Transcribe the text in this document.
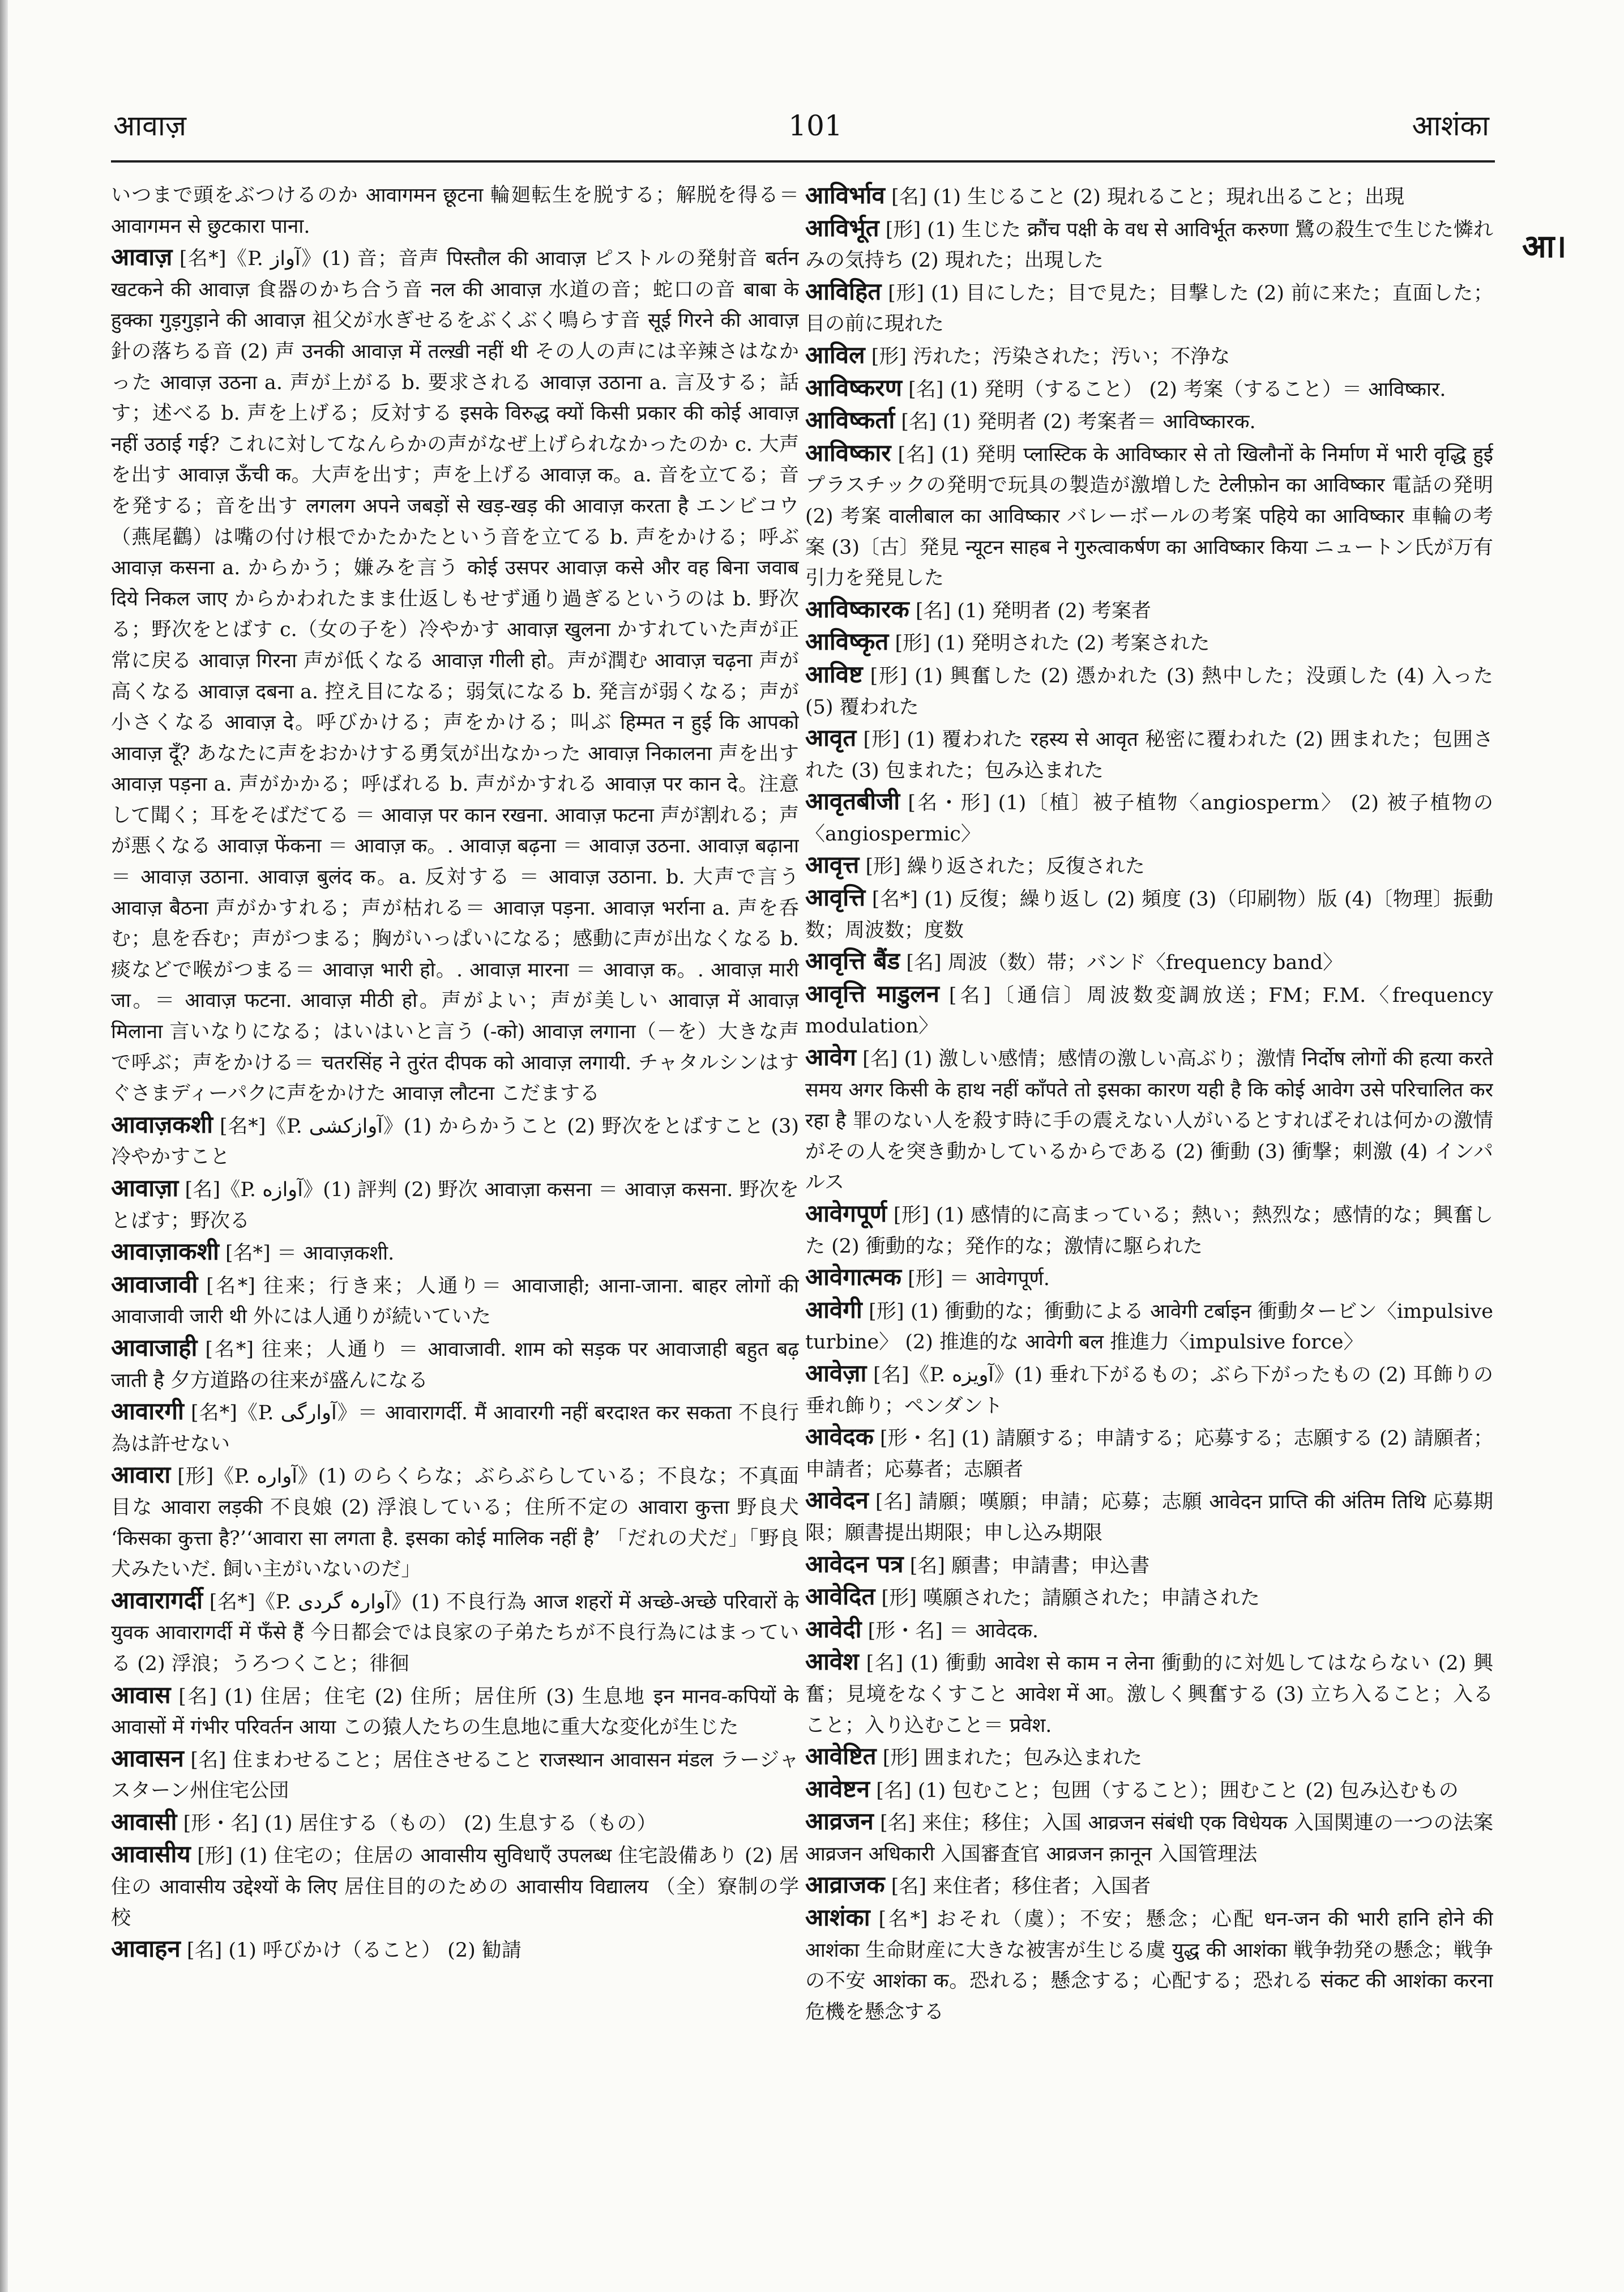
आवाज़	101	आशंका
आ।

いつまで頭をぶつけるのか आवागमन छूटना 輪廻転生を脱する；解脱を得る＝ आवागमन से छुटकारा पाना.

आवाज़ [名*]《P. آواز》(1) 音；音声 पिस्तौल की आवाज़ ピストルの発射音 बर्तन खटकने की आवाज़ 食器のかち合う音 नल की आवाज़ 水道の音；蛇口の音 बाबा के हुक्का गुड़गुड़ाने की आवाज़ 祖父が水ぎせるをぶくぶく鳴らす音 सूई गिरने की आवाज़ 針の落ちる音 (2) 声 उनकी आवाज़ में तल्ख़ी नहीं थी その人の声には辛辣さはなかった आवाज़ उठना a. 声が上がる b. 要求される आवाज़ उठाना a. 言及する；話す；述べる b. 声を上げる；反対する इसके विरुद्ध क्यों किसी प्रकार की कोई आवाज़ नहीं उठाई गई? これに対してなんらかの声がなぜ上げられなかったのか c. 大声を出す आवाज़ ऊँची क。大声を出す；声を上げる आवाज़ क。a. 音を立てる；音を発する；音を出す लगलग अपने जबड़ों से खड़-खड़ की आवाज़ करता है エンビコウ（燕尾鸛）は嘴の付け根でかたかたという音を立てる b. 声をかける；呼ぶ आवाज़ कसना a. からかう；嫌みを言う कोई उसपर आवाज़ कसे और वह बिना जवाब दिये निकल जाए からかわれたまま仕返しもせず通り過ぎるというのは b. 野次る；野次をとばす c.（女の子を）冷やかす आवाज़ खुलना かすれていた声が正常に戻る आवाज़ गिरना 声が低くなる आवाज़ गीली हो。声が潤む आवाज़ चढ़ना 声が高くなる आवाज़ दबना a. 控え目になる；弱気になる b. 発言が弱くなる；声が小さくなる आवाज़ दे。呼びかける；声をかける；叫ぶ हिम्मत न हुई कि आपको आवाज़ दूँ? あなたに声をおかけする勇気が出なかった आवाज़ निकालना 声を出す आवाज़ पड़ना a. 声がかかる；呼ばれる b. 声がかすれる आवाज़ पर कान दे。注意して聞く；耳をそばだてる ＝ आवाज़ पर कान रखना. आवाज़ फटना 声が割れる；声が悪くなる आवाज़ फेंकना ＝ आवाज़ क。. आवाज़ बढ़ना ＝ आवाज़ उठना. आवाज़ बढ़ाना ＝ आवाज़ उठाना. आवाज़ बुलंद क。a. 反対する ＝ आवाज़ उठाना. b. 大声で言う आवाज़ बैठना 声がかすれる；声が枯れる＝ आवाज़ पड़ना. आवाज़ भर्राना a. 声を呑む；息を呑む；声がつまる；胸がいっぱいになる；感動に声が出なくなる b. 痰などで喉がつまる＝ आवाज़ भारी हो。. आवाज़ मारना ＝ आवाज़ क。. आवाज़ मारी जा。＝ आवाज़ फटना. आवाज़ मीठी हो。声がよい；声が美しい आवाज़ में आवाज़ मिलाना 言いなりになる；はいはいと言う (-को) आवाज़ लगाना（－を）大きな声で呼ぶ；声をかける＝ चतरसिंह ने तुरंत दीपक को आवाज़ लगायी. チャタルシンはすぐさまディーパクに声をかけた आवाज़ लौटना こだまする

आवाज़कशी [名*]《P. آوازکشی》(1) からかうこと (2) 野次をとばすこと (3) 冷やかすこと

आवाज़ा [名]《P. آوازه》(1) 評判 (2) 野次 आवाज़ा कसना ＝ आवाज़ कसना. 野次をとばす；野次る

आवाज़ाकशी [名*] ＝ आवाज़कशी.

आवाजावी [名*] 往来；行き来；人通り＝ आवाजाही; आना-जाना. बाहर लोगों की आवाजावी जारी थी 外には人通りが続いていた

आवाजाही [名*] 往来；人通り ＝ आवाजावी. शाम को सड़क पर आवाजाही बहुत बढ़ जाती है 夕方道路の往来が盛んになる

आवारगी [名*]《P. آوارگی》＝ आवारागर्दी. मैं आवारगी नहीं बरदाश्त कर सकता 不良行為は許せない

आवारा [形]《P. آواره》(1) のらくらな；ぶらぶらしている；不良な；不真面目な आवारा लड़की 不良娘 (2) 浮浪している；住所不定の आवारा कुत्ता 野良犬 ‘किसका कुत्ता है?’‘आवारा सा लगता है. इसका कोई मालिक नहीं है’ 「だれの犬だ」「野良犬みたいだ. 飼い主がいないのだ」

आवारागर्दी [名*]《P. آوارہ گردی》(1) 不良行為 आज शहरों में अच्छे-अच्छे परिवारों के युवक आवारागर्दी में फँसे हैं 今日都会では良家の子弟たちが不良行為にはまっている (2) 浮浪；うろつくこと；徘徊

आवास [名] (1) 住居；住宅 (2) 住所；居住所 (3) 生息地 इन मानव-कपियों के आवासों में गंभीर परिवर्तन आया この猿人たちの生息地に重大な変化が生じた

आवासन [名] 住まわせること；居住させること राजस्थान आवासन मंडल ラージャスターン州住宅公団

आवासी [形・名] (1) 居住する（もの） (2) 生息する（もの）

आवासीय [形] (1) 住宅の；住居の आवासीय सुविधाएँ उपलब्ध 住宅設備あり (2) 居住の आवासीय उद्देश्यों के लिए 居住目的のための आवासीय विद्यालय （全）寮制の学校

आवाहन [名] (1) 呼びかけ（ること） (2) 勧請

आविर्भाव [名] (1) 生じること (2) 現れること；現れ出ること；出現

आविर्भूत [形] (1) 生じた क्रौंच पक्षी के वध से आविर्भूत करुणा 鷺の殺生で生じた憐れみの気持ち (2) 現れた；出現した

आविहित [形] (1) 目にした；目で見た；目撃した (2) 前に来た；直面した；目の前に現れた

आविल [形] 汚れた；汚染された；汚い；不浄な

आविष्करण [名] (1) 発明（すること） (2) 考案（すること）＝ आविष्कार.

आविष्कर्ता [名] (1) 発明者 (2) 考案者＝ आविष्कारक.

आविष्कार [名] (1) 発明 प्लास्टिक के आविष्कार से तो खिलौनों के निर्माण में भारी वृद्धि हुई プラスチックの発明で玩具の製造が激増した टेलीफ़ोन का आविष्कार 電話の発明 (2) 考案 वालीबाल का आविष्कार バレーボールの考案 पहिये का आविष्कार 車輪の考案 (3)〔古〕発見 न्यूटन साहब ने गुरुत्वाकर्षण का आविष्कार किया ニュートン氏が万有引力を発見した

आविष्कारक [名] (1) 発明者 (2) 考案者

आविष्कृत [形] (1) 発明された (2) 考案された

आविष्ट [形] (1) 興奮した (2) 憑かれた (3) 熱中した；没頭した (4) 入った (5) 覆われた

आवृत [形] (1) 覆われた रहस्य से आवृत 秘密に覆われた (2) 囲まれた；包囲された (3) 包まれた；包み込まれた

आवृतबीजी [名・形] (1)〔植〕被子植物〈angiosperm〉 (2) 被子植物の〈angiospermic〉

आवृत्त [形] 繰り返された；反復された

आवृत्ति [名*] (1) 反復；繰り返し (2) 頻度 (3)（印刷物）版 (4)〔物理〕振動数；周波数；度数

आवृत्ति बैंड [名] 周波（数）帯；バンド〈frequency band〉

आवृत्ति माडुलन [名]〔通信〕周波数変調放送；FM；F.M.〈frequency modulation〉

आवेग [名] (1) 激しい感情；感情の激しい高ぶり；激情 निर्दोष लोगों की हत्या करते समय अगर किसी के हाथ नहीं काँपते तो इसका कारण यही है कि कोई आवेग उसे परिचालित कर रहा है 罪のない人を殺す時に手の震えない人がいるとすればそれは何かの激情がその人を突き動かしているからである (2) 衝動 (3) 衝撃；刺激 (4) インパルス

आवेगपूर्ण [形] (1) 感情的に高まっている；熱い；熱烈な；感情的な；興奮した (2) 衝動的な；発作的な；激情に駆られた

आवेगात्मक [形] ＝ आवेगपूर्ण.

आवेगी [形] (1) 衝動的な；衝動による आवेगी टर्बाइन 衝動タービン〈impulsive turbine〉 (2) 推進的な आवेगी बल 推進力〈impulsive force〉

आवेज़ा [名]《P. آویزه》(1) 垂れ下がるもの；ぶら下がったもの (2) 耳飾りの垂れ飾り；ペンダント

आवेदक [形・名] (1) 請願する；申請する；応募する；志願する (2) 請願者；申請者；応募者；志願者

आवेदन [名] 請願；嘆願；申請；応募；志願 आवेदन प्राप्ति की अंतिम तिथि 応募期限；願書提出期限；申し込み期限

आवेदन पत्र [名] 願書；申請書；申込書

आवेदित [形] 嘆願された；請願された；申請された

आवेदी [形・名] ＝ आवेदक.

आवेश [名] (1) 衝動 आवेश से काम न लेना 衝動的に対処してはならない (2) 興奮；見境をなくすこと आवेश में आ。激しく興奮する (3) 立ち入ること；入ること；入り込むこと＝ प्रवेश.

आवेष्टित [形] 囲まれた；包み込まれた

आवेष्टन [名] (1) 包むこと；包囲（すること）；囲むこと (2) 包み込むもの

आव्रजन [名] 来住；移住；入国 आव्रजन संबंधी एक विधेयक 入国関連の一つの法案 आव्रजन अधिकारी 入国審査官 आव्रजन क़ानून 入国管理法

आव्राजक [名] 来住者；移住者；入国者

आशंका [名*] おそれ（虞）；不安；懸念；心配 धन-जन की भारी हानि होने की आशंका 生命財産に大きな被害が生じる虞 युद्ध की आशंका 戦争勃発の懸念；戦争の不安 आशंका क。恐れる；懸念する；心配する；恐れる संकट की आशंका करना 危機を懸念する
